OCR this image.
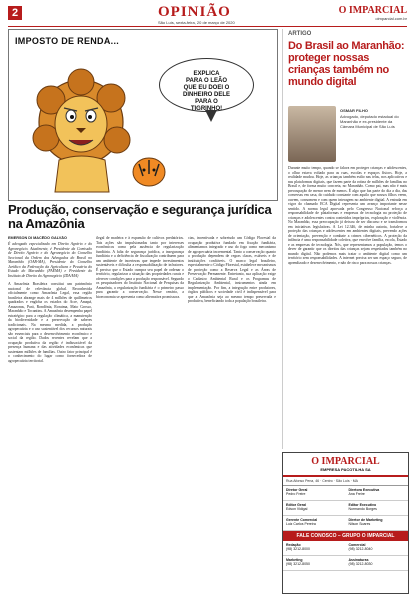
2	OPINIÃO
São Luís, sexta-feira, 20 de março de 2020
O IMPARCIAL
oimparcial.com.br
IMPOSTO DE RENDA...
EXPLICA
PARA O LEÃO
QUE EU DOEI O
DINHEIRO DELE
PARA O
TIGRINHO!
Produção, conservação e segurança jurídica na Amazônia
EMERSON DI MACÊDO GALVÃO
É advogado especializado em Direito Agrário e do Agronegócio. Atualmente, é Presidente da Comissão de Direito Agrário e do Agronegócio do Conselho Seccional da Ordem dos Advogados do Brasil no Maranhão (OAB-MA), Presidente do Conselho Jurídico da Federação da Agricultura e Pecuária do Estado do Maranhão (FAEMA) e Presidente do Instituto de Direito do Agronegócio (IDA/MA)
A Amazônia Brasileira constitui um patrimônio nacional de relevância global. Reconhecida oficialmente como Amazônia Legal, essa região brasileira abrange mais de 4 milhões de quilômetros quadrados e engloba os estados do Acre, Amapá, Amazonas, Pará, Rondônia, Roraima, Mato Grosso, Maranhão e Tocantins. A Amazônia desempenha papel estratégico para a regulação climática, a manutenção da biodiversidade e a preservação de saberes tradicionais. Na mesma medida, a produção agropecuária e o uso sustentável dos recursos naturais são essenciais para o desenvolvimento econômico e social da região. Dados recentes revelam que a ocupação produtiva da região é indissociável da presença humana e das atividades econômicas que sustentam milhões de famílias. Outro fator principal é o conhecimento do lugar como fornecedora de agropecuária territorial.
ilegal de madeira e à expansão de cultivos predatórios. Tais ações são impulsionadas tanto por interesses econômicos como pela ausência de regularização fundiária. A falta de segurança jurídica, a insegurança fundiária e a deficiência de fiscalização contribuem para um ambiente de incertezas que impede investimentos sustentáveis e dificulta a responsabilização de infratores. É preciso que o Estado cumpra seu papel de ordenar o território, regularizar a situação das propriedades rurais e oferecer condições para a produção responsável. Segundo os pesquisadores do Instituto Nacional de Pesquisas da Amazônia, a regularização fundiária é o primeiro passo para garantir a conservação. Nesse cenário, a bioeconomia se apresenta como alternativa promissora.
cias, incentivada e sobretudo um Código Florestal da ocupação produtiva fundado em fixação fundiária, alimentamos integrado e uso do fogo como mecanismo de agropecuária incremental. Tanto a conservação quanto a produção dependem de regras claras, estáveis e de instituições confiáveis. O marco legal brasileiro, especialmente o Código Florestal, estabelece mecanismos de proteção como a Reserva Legal e as Áreas de Preservação Permanente. Entretanto, sua aplicação exige o Cadastro Ambiental Rural e os Programas de Regularização Ambiental, instrumentos ainda em implementação. Por fim, a integração entre produtores, órgãos públicos e sociedade civil é indispensável para que a Amazônia seja ao mesmo tempo preservada e produtiva, beneficiando toda a população brasileira.
ARTIGO
Do Brasil ao Maranhão: proteger nossas crianças também no mundo digital
OSMAR FILHO
Advogado, deputado estadual do Maranhão e ex-presidente da Câmara Municipal de São Luís
Durante muito tempo, quando se falava em proteger crianças e adolescentes, o olhar estava voltado para as ruas, escolas e espaços físicos. Hoje, a realidade mudou. Hoje, as crianças também estão nas telas, nos aplicativos e nas plataformas digitais, que fazem parte da rotina de milhões de famílias no Brasil e, de forma muito concreta, no Maranhão. Como pai, mas não é mais preocupação de menor nem de menos. É algo que faz parte do dia a dia, das conversas em casa, do cuidado constante com aquilo que nossos filhos veem, ouvem, consomem e com quem interagem no ambiente digital. A entrada em vigor do chamado ECA Digital representa um avanço importante nesse sentido. A norma legal aprovada pelo Congresso Nacional reforça a responsabilidade de plataformas e empresas de tecnologia na proteção de crianças e adolescentes contra conteúdos impróprios, exploração e violência. No Maranhão, essa preocupação já deixou de ser discurso e se transformou em iniciativas legislativas. A Lei 12.346, de minha autoria, fortalece a proteção das crianças e adolescentes em ambientes digitais, prevendo ações de orientação, prevenção e combate a crimes cibernéticos. A proteção da infância é uma responsabilidade coletiva, que envolve família, escola, Estado e as empresas de tecnologia. Nós, que representamos a população, temos o dever de garantir que os direitos das crianças sejam respeitados também no mundo digital. Não podemos mais tratar o ambiente digital como um território sem responsabilidades. A internet precisa ser um espaço seguro, de aprendizado e desenvolvimento, e não de risco para nossas crianças.
O IMPARCIAL
EMPRESA PACOTILHA SA
Rua Afonso Pena, 46 · Centro · São Luís · MA
Diretor Geral
Pedro Freire
Diretora Executiva
Ana Freire
Editor Geral
Edson Vidigal
Editor Executivo
Normando Borges
Gerente Comercial
Luiz Carlos Pereira
Diretor de Marketing
Nilson Soares
FALE CONOSCO – GRUPO O IMPARCIAL
Redação
(98) 3212-8000
Comercial
(98) 3212-8040
Marketing
(98) 3212-8050
Assinaturas
(98) 3212-8030
